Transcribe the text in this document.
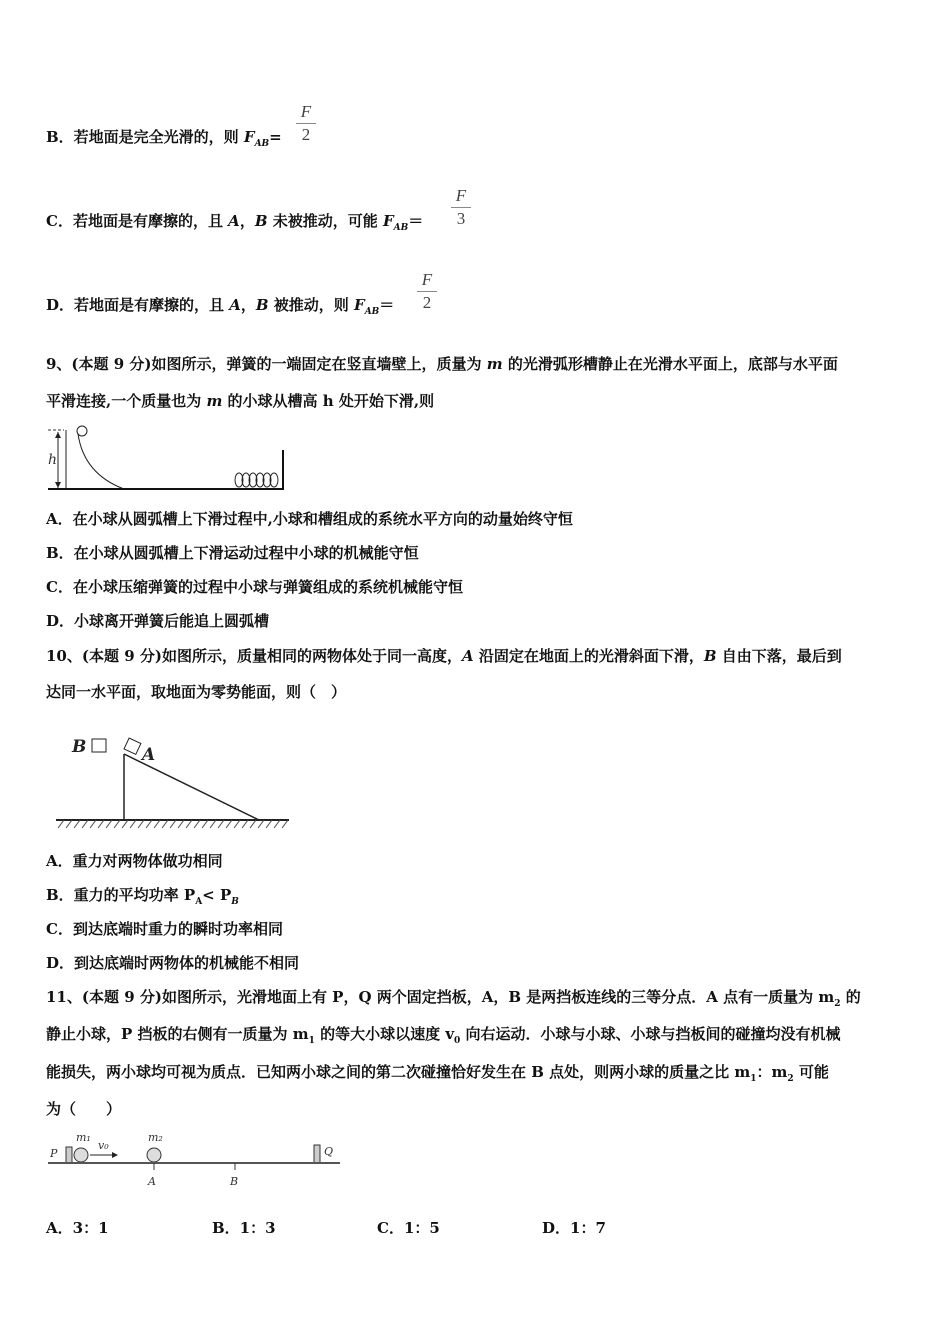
B．若地面是完全光滑的，则 $F_{AB}=$
F
2
C．若地面是有摩擦的，且 A，B 未被推动，可能 $F_{AB}=$
F
3
D．若地面是有摩擦的，且 A，B 被推动，则 $F_{AB}=$
F
2
9、(本题 9 分)如图所示，弹簧的一端固定在竖直墙壁上，质量为 m 的光滑弧形槽静止在光滑水平面上，底部与水平面
平滑连接,一个质量也为 m 的小球从槽高 h 处开始下滑,则
h
A．在小球从圆弧槽上下滑过程中,小球和槽组成的系统水平方向的动量始终守恒
B．在小球从圆弧槽上下滑运动过程中小球的机械能守恒
C．在小球压缩弹簧的过程中小球与弹簧组成的系统机械能守恒
D．小球离开弹簧后能追上圆弧槽
10、(本题 9 分)如图所示，质量相同的两物体处于同一高度，A 沿固定在地面上的光滑斜面下滑，B 自由下落，最后到
达同一水平面，取地面为零势能面，则（　）
B	A
A．重力对两物体做功相同
B．重力的平均功率 $P_A< P_B$
C．到达底端时重力的瞬时功率相同
D．到达底端时两物体的机械能不相同
11、(本题 9 分)如图所示，光滑地面上有 P，Q 两个固定挡板，A，B 是两挡板连线的三等分点．A 点有一质量为 $m_2$ 的
静止小球，P 挡板的右侧有一质量为 $m_1$ 的等大小球以速度 $v_0$ 向右运动．小球与小球、小球与挡板间的碰撞均没有机械
能损失，两小球均可视为质点．已知两小球之间的第二次碰撞恰好发生在 B 点处，则两小球的质量之比 $m_1$：$m_2$ 可能
为（　　）
P
m₁
v₀
m₂
Q
A	B
A．3：1	B．1：3	C．1：5	D．1：7
